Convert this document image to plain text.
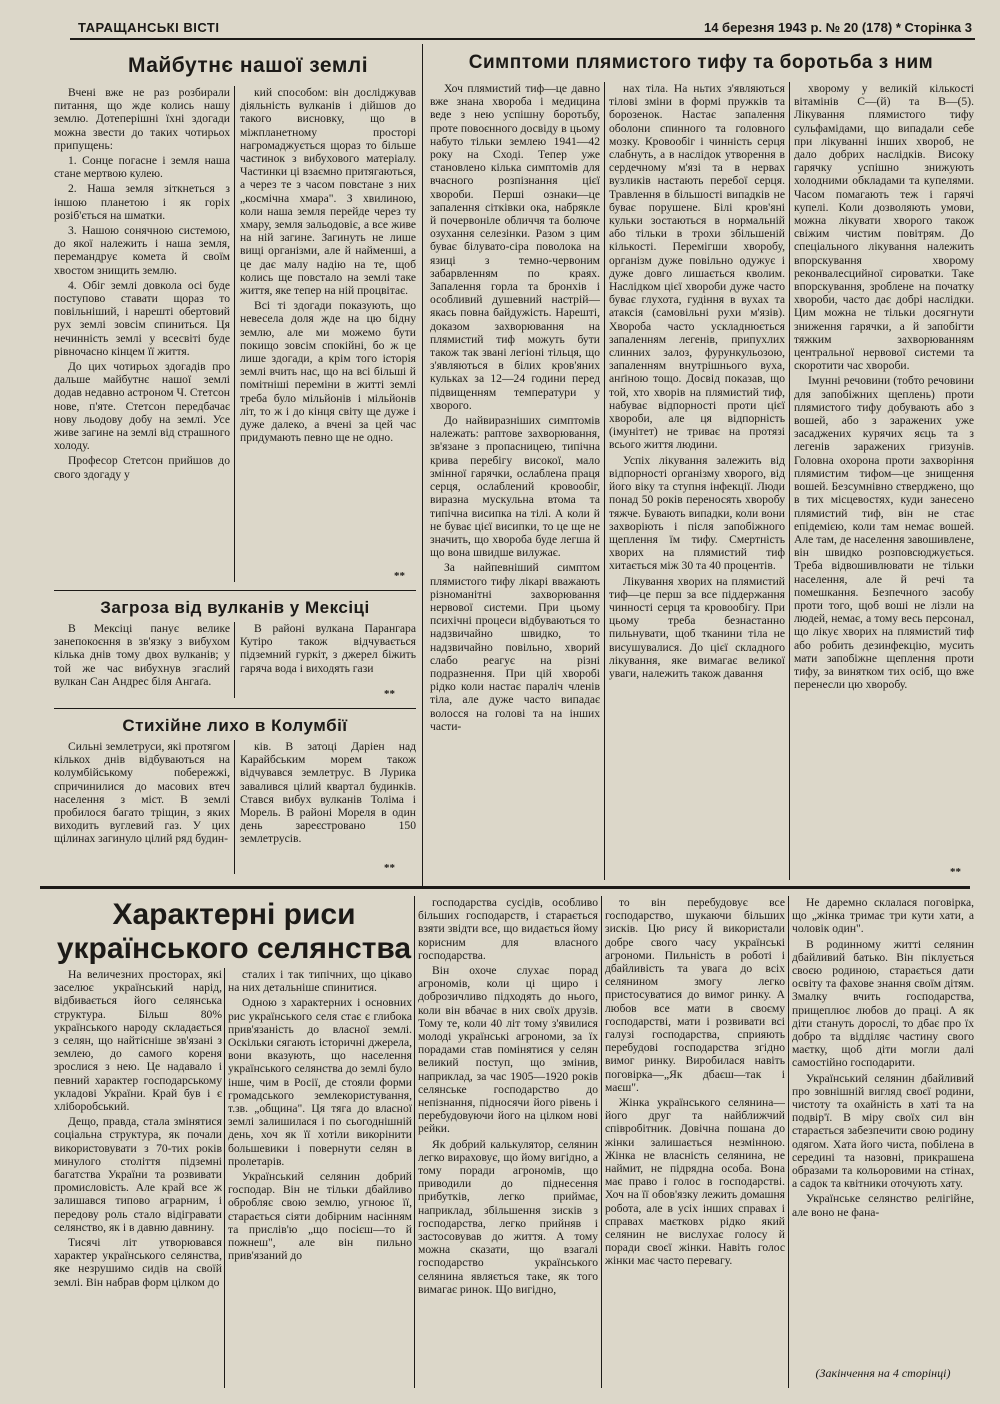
ТАРАЩАНСЬКІ ВІСТІ	14 березня 1943 р. № 20 (178) * Сторінка 3
Майбутнє нашої землі

Вчені вже не раз розбирали питання, що жде колись нашу землю. Дотеперішні їхні здогади можна звести до таких чотирьох припущень:

1. Сонце погасне і земля наша стане мертвою кулею.

2. Наша земля зіткнеться з іншою планетою і як горіх розіб'ється на шматки.

3. Нашою сонячною системою, до якої належить і наша земля, перемандрує комета й своїм хвостом знищить землю.

4. Обіг землі довкола осі буде поступово ставати щораз то повільніший, і нарешті обертовий рух землі зовсім спиниться. Ця нечинність землі у всесвіті буде рівночасно кінцем її життя.

До цих чотирьох здогадів про дальше майбутнє нашої землі додав недавно астроном Ч. Стетсон нове, п'яте. Стетсон передбачає нову льодову добу на землі. Усе живе загине на землі від страшного холоду.

Професор Стетсон прийшов до свого здогаду у

кий способом: він досліджував діяльність вулканів і дійшов до такого висновку, що в міжпланетному просторі нагромаджується щораз то більше частинок з вибухового матеріалу. Частинки ці взаємно притягаються, а через те з часом повстане з них „космічна хмара". З хвилиною, коли наша земля перейде через ту хмару, земля зальодовіє, а все живе на ній загине. Загинуть не лише вищі організми, але й найменші, а це дає малу надію на те, щоб колись ще повстало на землі таке життя, яке тепер на ній процвітає.

Всі ті здогади показують, що невесела доля жде на цю бідну землю, але ми можемо бути покищо зовсім спокійні, бо ж це лише здогади, а крім того історія землі вчить нас, що на всі більші й помітніші переміни в житті землі треба було мільйонів і мільйонів літ, то ж і до кінця світу ще дуже і дуже далеко, а вчені за цей час придумають певно ще не одно.

**
Загроза від вулканів у Мексіці

В Мексіці панує велике занепокоєння в зв'язку з вибухом кілька днів тому двох вулканів; у той же час вибухнув згаслий вулкан Сан Андрес біля Ангаґа.

В районі вулкана Парангара Кутіро також відчувається підземний гуркіт, з джерел біжить гаряча вода і виходять гази

**
Стихійне лихо в Колумбії

Сильні землетруси, які протягом кількох днів відбуваються на колумбійському побережжі, спричинилися до масових втеч населення з міст. В землі пробилося багато тріщин, з яких виходить вуглевий газ. У цих щілинах загинуло цілий ряд будин-

ків. В затоці Даріен над Карайбським морем також відчувався землетрус. В Лурика завалився цілий квартал будинків. Стався вибух вулканів Толіма і Морель. В районі Мореля в один день зареєстровано 150 землетрусів.

**
Симптоми плямистого тифу та боротьба з ним

Хоч плямистий тиф—це давно вже знана хвороба і медицина веде з нею успішну боротьбу, проте повоєнного досвіду в цьому набуто тільки землею 1941—42 року на Сході. Тепер уже становлено кілька симптомів для вчасного розпізнання цієї хвороби. Перші ознаки—це запалення сітківки ока, набрякле й почервоніле обличчя та болюче озухання селезінки. Разом з цим буває білувато-сіра поволока на язиці з темно-червоним забарвленням по краях. Запалення горла та бронхів і особливий душевний настрій—якась повна байдужість. Нарешті, доказом захворювання на плямистий тиф можуть бути також так звані легіоні тільця, що з'являються в білих кров'яних кульках за 12—24 години перед підвищенням температури у хворого.

До найвиразніших симптомів належать: раптове захворювання, зв'язане з пропасницею, типічна крива перебігу високої, мало змінної гарячки, ослаблена праця серця, ослаблений кровообіг, виразна мускульна втома та типічна висипка на тілі. А коли й не буває цієї висипки, то це ще не значить, що хвороба буде легша й що вона швидше вилужає.

За найпевніший симптом плямистого тифу лікарі вважають різноманітні захворювання нервової системи. При цьому психічні процеси відбуваються то надзвичайно швидко, то надзвичайно повільно, хворий слабо реагує на різні подразнення. При цій хворобі рідко коли настає параліч членів тіла, але дуже часто випадає волосся на голові та на інших части-

нах тіла. На ньтих з'являються тілові зміни в формі пружків та борозенок. Настає запалення оболони спинного та головного мозку. Кровообіг і чинність серця слабнуть, а в наслідок утворення в сердечному м'язі та в нервах вузликів настають перебої серця. Травлення в більшості випадків не буває порушене. Білі кров'яні кульки зостаються в нормальній або тільки в трохи збільшеній кількості. Перемігши хворобу, організм дуже повільно одужує і дуже довго лишається кволим. Наслідком цієї хвороби дуже часто буває глухота, гудіння в вухах та атаксія (самовільні рухи м'язів). Хвороба часто ускладнюється запаленням легенів, припухлих слинних залоз, фурункульозою, запаленням внутрішнього вуха, анґіною тощо. Досвід показав, що той, хто хворів на плямистий тиф, набуває відпорності проти цієї хвороби, але ця відпорність (імунітет) не триває на протязі всього життя людини.

Успіх лікування залежить від відпорності організму хворого, від його віку та ступня інфекції. Люди понад 50 років переносять хворобу тяжче. Бувають випадки, коли вони захворіють і після запобіжного щеплення їм тифу. Смертність хворих на плямистий тиф хитається між 30 та 40 процентів.

Лікування хворих на плямистий тиф—це перш за все піддержання чинності серця та кровообігу. При цьому треба безнастанно пильнувати, щоб тканини тіла не висушувалися. До цієї складного лікування, яке вимагає великої уваги, належить також давання

хворому у великій кількості вітамінів С—(й) та В—(5). Лікування плямистого тифу сульфамідами, що випадали себе при лікуванні інших хвороб, не дало добрих наслідків. Високу гарячку успішно знижують холодними обкладами та купелями. Часом помагають теж і гарячі купелі. Коли дозволяють умови, можна лікувати хворого також свіжим чистим повітрям. До спеціального лікування належить впорскування хворому реконвалесцийної сироватки. Таке впорскування, зроблене на початку хвороби, часто дає добрі наслідки. Цим можна не тільки досягнути зниження гарячки, а й запобігти тяжким захворюванням центральної нервової системи та скоротити час хвороби.

Імунні речовини (тобто речовини для запобіжних щеплень) проти плямистого тифу добувають або з вошей, або з заражених уже засаджених курячих яєць та з легенів заражених гризунів. Головна охорона проти захворіння плямистим тифом—це знищення вошей. Безсумнівно стверджено, що в тих місцевостях, куди занесено плямистий тиф, він не стає епідемією, коли там немає вошей. Але там, де населення завошивлене, він швидко розповсюджується. Треба відвошивлювати не тільки населення, але й речі та помешкання. Безпечного засобу проти того, щоб воші не лізли на людей, немає, а тому весь персонал, що лікує хворих на плямистий тиф або робить дезинфекцію, мусить мати запобіжне щеплення проти тифу, за винятком тих осіб, що вже перенесли цю хворобу.

**
Характерні риси
українського селянства

На величезних просторах, які заселює український нарід, відбивається його селянська структура. Більш 80% українського народу складається з селян, що найтісніше зв'язані з землею, до самого кореня зрослися з нею. Це надавало і певний характер господарському укладові України. Край був і є хліборобський.

Дещо, правда, стала змінятися соціальна структура, як почали використовувати з 70-тих років минулого століття підземні багатства України та розвивати промисловість. Але край все ж залишався типово аграрним, і передову роль стало відігравати селянство, як і в давню давнину.

Тисячі літ утворювався характер українського селянства, яке незрушимо сидів на своїй землі. Він набрав форм цілком до

сталих і так типічних, що цікаво на них детальніше спинитися.

Одною з характерних і основних рис українського селя стає є глибока прив'язаність до власної землі. Оскільки сягають історичні джерела, вони вказують, що населення українського селянства до землі було інше, чим в Росії, де стояли форми громадського землекористування, т.зв. „община". Ця тяга до власної землі залишилася і по сьогоднішній день, хоч як її хотіли викорінити большевики і повернути селян в пролетарів.

Український селянин добрий господар. Він не тільки дбайливо обробляє свою землю, угноює її, старається сіяти добірним насінням та прислів'ю „що посієш—то й пожнеш", але він пильно прив'язаний до

господарства сусідів, особливо більших господарств, і старається взяти звідти все, що видається йому корисним для власного господарства.

Він охоче слухає порад агрономів, коли ці щиро і доброзичливо підходять до нього, коли він вбачає в них своїх друзів. Тому те, коли 40 літ тому з'явилися молоді українські агрономи, за їх порадами став помінятися у селян великий поступ, що змінив, наприклад, за час 1905—1920 років селянське господарство до непізнання, підносячи його рівень і перебудовуючи його на цілком нові рейки.

Як добрий калькулятор, селянин легко вираховує, що йому вигідно, а тому поради агрономів, що приводили до піднесення прибутків, легко приймає, наприклад, збільшення зисків з господарства, легко прийняв і застосовував до життя. А тому можна сказати, що взагалі господарство українського селянина являється таке, як того вимагає ринок. Що вигідно,

то він перебудовує все господарство, шукаючи більших зисків. Цю рису й використали добре свого часу українські агрономи. Пильність в роботі і дбайливість та увага до всіх селянином змогу легко пристосуватися до вимог ринку. А любов все мати в своєму господарстві, мати і розвивати всі галузі господарства, сприяють перебудові господарства згідно вимог ринку. Виробилася навіть поговірка—„Як дбаєш—так і маєш".

Жінка українського селянина—його друг та найближчий співробітник. Довічна пошана до жінки залишається незмінною. Жінка не власність селянина, не наймит, не підрядна особа. Вона має право і голос в господарстві. Хоч на її обов'язку лежить домашня робота, але в усіх інших справах і справах маєтковх рідко який селянин не вислухає голосу й поради своєї жінки. Навіть голос жінки має часто перевагу.

Не даремно склалася поговірка, що „жінка тримає три кути хати, а чоловік один".

В родинному житті селянин дбайливий батько. Він піклується своєю родиною, старається дати освіту та фахове знання своїм дітям. Змалку вчить господарства, прищеплює любов до праці. А як діти стануть дорослі, то дбає про їх добро та відділяє частину свого маєтку, щоб діти могли далі самостійно господарити.

Український селянин дбайливий про зовнішній вигляд своєї родини, чистоту та охайність в хаті та на подвір'ї. В міру своїх сил він старається забезпечити свою родину одягом. Хата його чиста, побілена в середині та назовні, прикрашена образами та кольоровими на стінах, а садок та квітники оточують хату.

Українське селянство релігійне, але воно не фана-

(Закінчення на 4 сторінці)
